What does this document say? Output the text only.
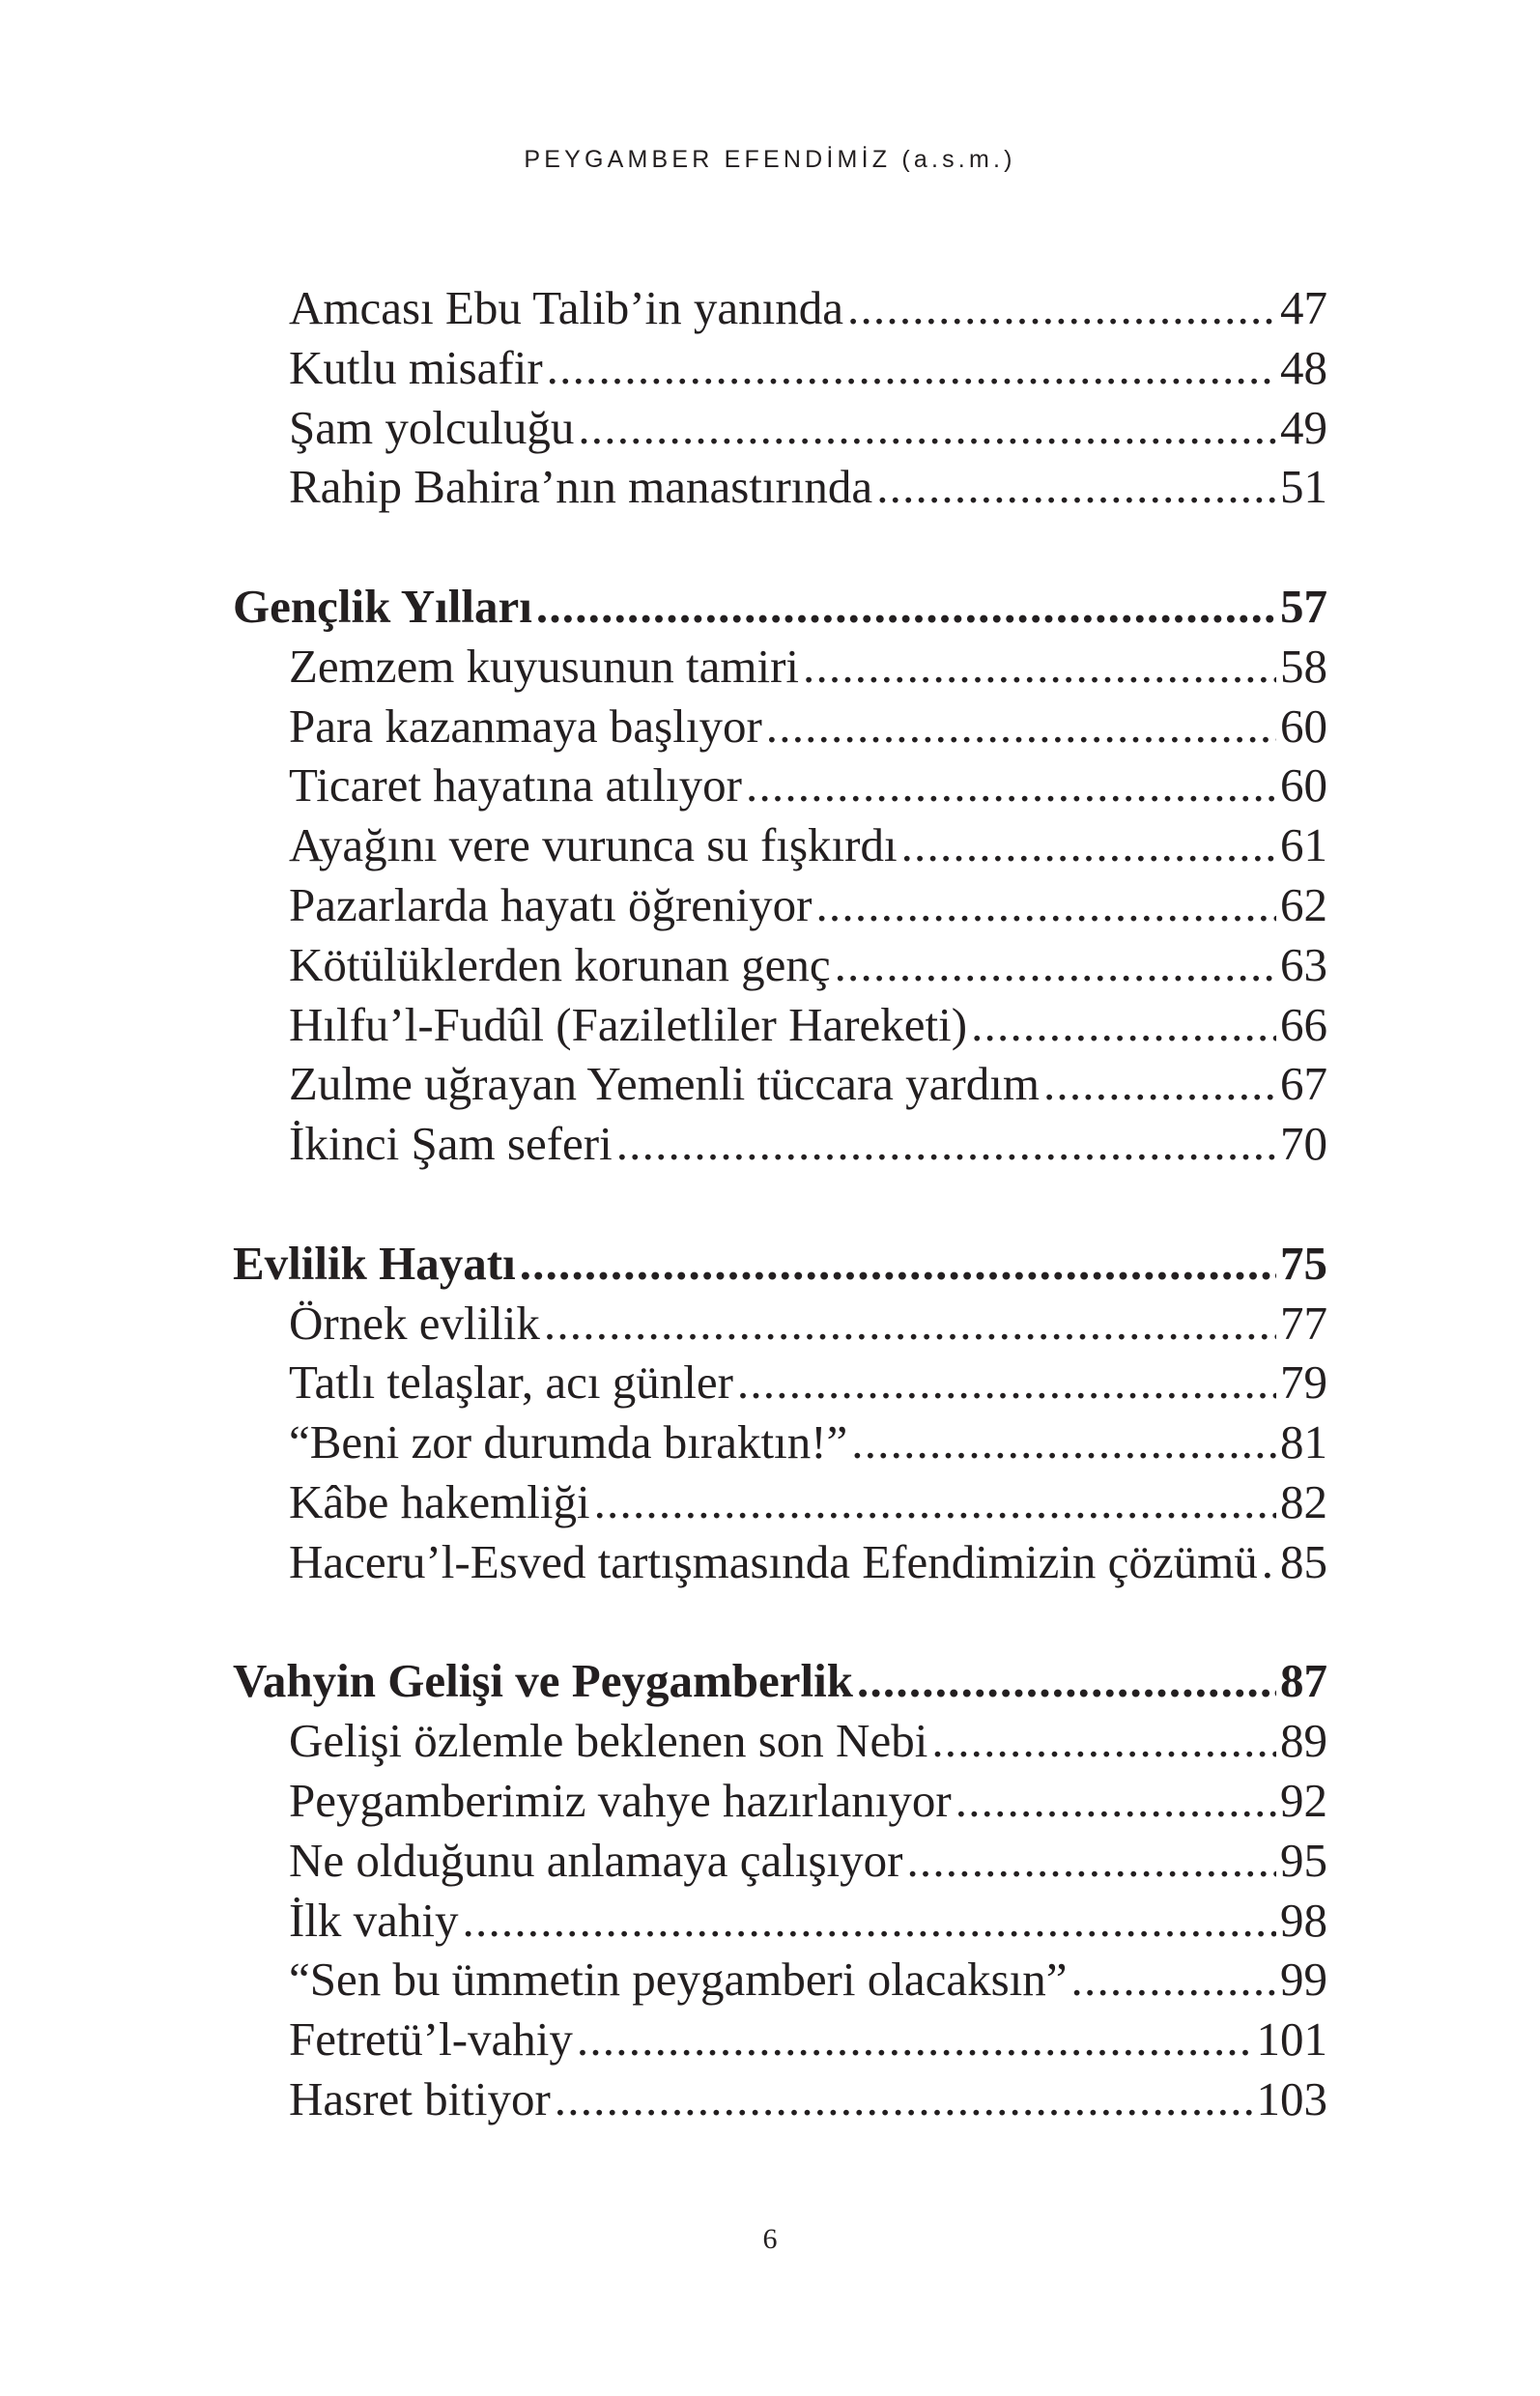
PEYGAMBER EFENDİMİZ (a.s.m.)
Amcası Ebu Talib’in yanında .....	47
Kutlu misafir .....	48
Şam yolculuğu .....	49
Rahip Bahira’nın manastırında .....	51
Gençlik Yılları .....	57
Zemzem kuyusunun tamiri .....	58
Para kazanmaya başlıyor .....	60
Ticaret hayatına atılıyor .....	60
Ayağını vere vurunca su fışkırdı .....	61
Pazarlarda hayatı öğreniyor .....	62
Kötülüklerden korunan genç .....	63
Hılfu’l-Fudûl (Faziletliler Hareketi) .....	66
Zulme uğrayan Yemenli tüccara yardım .....	67
İkinci Şam seferi .....	70
Evlilik Hayatı .....	75
Örnek evlilik .....	77
Tatlı telaşlar, acı günler .....	79
“Beni zor durumda bıraktın!” .....	81
Kâbe hakemliği .....	82
Haceru’l-Esved tartışmasında Efendimizin çözümü ..... 85
Vahyin Gelişi ve Peygamberlik .....	87
Gelişi özlemle beklenen son Nebi .....	89
Peygamberimiz vahye hazırlanıyor .....	92
Ne olduğunu anlamaya çalışıyor .....	95
İlk vahiy .....	98
“Sen bu ümmetin peygamberi olacaksın” .....	99
Fetretü’l-vahiy .....	101
Hasret bitiyor .....	103
6
